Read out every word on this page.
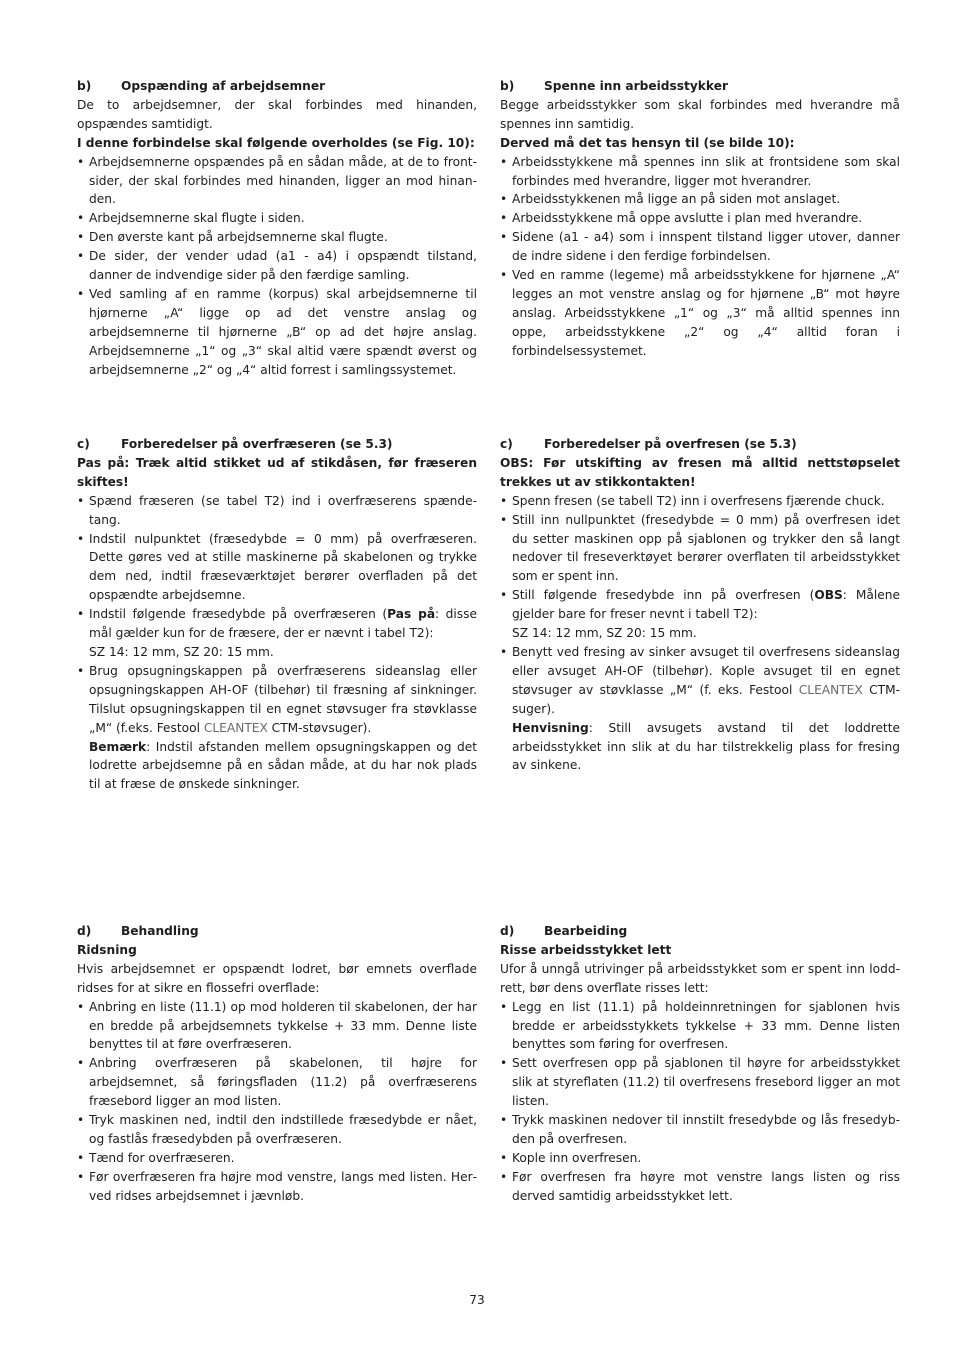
b)	Opspænding af arbejdsemner

De to arbejdsemner, der skal forbindes med hinanden, opspændes samtidigt.

I denne forbindelse skal følgende overholdes (se Fig. 10):

• Arbejdsemnerne opspændes på en sådan måde, at de to frontsider, der skal forbindes med hinanden, ligger an mod hinanden.
• Arbejdsemnerne skal flugte i siden.
• Den øverste kant på arbejdsemnerne skal flugte.
• De sider, der vender udad (a1 - a4) i opspændt tilstand, danner de indvendige sider på den færdige samling.
• Ved samling af en ramme (korpus) skal arbejdsemnerne til hjørnerne „A“ ligge op ad det venstre anslag og arbejdsemnerne til hjørnerne „B“ op ad det højre anslag. Arbejdsemnerne „1“ og „3“ skal altid være spændt øverst og arbejdsemnerne „2“ og „4“ altid forrest i samlingssystemet.
c)	Forberedelser på overfræseren (se 5.3)

Pas på: Træk altid stikket ud af stikdåsen, før fræseren skiftes!

• Spænd fræseren (se tabel T2) ind i overfræserens spændetang.
• Indstil nulpunktet (fræsedybde = 0 mm) på overfræseren. Dette gøres ved at stille maskinerne på skabelonen og trykke dem ned, indtil fræseværktøjet berører overfladen på det opspændte arbejdsemne.
• Indstil følgende fræsedybde på overfræseren (Pas på: disse mål gælder kun for de fræsere, der er nævnt i tabel T2):
SZ 14: 12 mm, SZ 20: 15 mm.
• Brug opsugningskappen på overfræserens sideanslag eller opsugningskappen AH-OF (tilbehør) til fræsning af sinkninger. Tilslut opsugningskappen til en egnet støvsuger fra støvklasse „M“ (f.eks. Festool CLEANTEX CTM-støvsuger).
Bemærk: Indstil afstanden mellem opsugningskappen og det lodrette arbejdsemne på en sådan måde, at du har nok plads til at fræse de ønskede sinkninger.
d)	Behandling

Ridsning

Hvis arbejdsemnet er opspændt lodret, bør emnets overflade ridses for at sikre en flossefri overflade:

• Anbring en liste (11.1) op mod holderen til skabelonen, der har en bredde på arbejdsemnets tykkelse + 33 mm. Denne liste benyttes til at føre overfræseren.
• Anbring overfræseren på skabelonen, til højre for arbejdsemnet, så føringsfladen (11.2) på overfræserens fræsebord ligger an mod listen.
• Tryk maskinen ned, indtil den indstillede fræsedybde er nået, og fastlås fræsedybden på overfræseren.
• Tænd for overfræseren.
• Før overfræseren fra højre mod venstre, langs med listen. Herved ridses arbejdsemnet i jævnløb.
b)	Spenne inn arbeidsstykker

Begge arbeidsstykker som skal forbindes med hverandre må spennes inn samtidig.

Derved må det tas hensyn til (se bilde 10):

• Arbeidsstykkene må spennes inn slik at frontsidene som skal forbindes med hverandre, ligger mot hverandrer.
• Arbeidsstykkenen må ligge an på siden mot anslaget.
• Arbeidsstykkene må oppe avslutte i plan med hverandre.
• Sidene (a1 - a4) som i innspent tilstand ligger utover, danner de indre sidene i den ferdige forbindelsen.
• Ved en ramme (legeme) må arbeidsstykkene for hjørnene „A“ legges an mot venstre anslag og for hjørnene „B“ mot høyre anslag. Arbeidsstykkene „1“ og „3“ må alltid spennes inn oppe, arbeidsstykkene „2“ og „4“ alltid foran i forbindelsessystemet.
c)	Forberedelser på overfresen (se 5.3)

OBS: Før utskifting av fresen må alltid nettstøpselet trekkes ut av stikkontakten!

• Spenn fresen (se tabell T2) inn i overfresens fjærende chuck.
• Still inn nullpunktet (fresedybde = 0 mm) på overfresen idet du setter maskinen opp på sjablonen og trykker den så langt nedover til freseverktøyet berører overflaten til arbeidsstykket som er spent inn.
• Still følgende fresedybde inn på overfresen (OBS: Målene gjelder bare for freser nevnt i tabell T2):
SZ 14: 12 mm, SZ 20: 15 mm.
• Benytt ved fresing av sinker avsuget til overfresens sideanslag eller avsuget AH-OF (tilbehør). Kople avsuget til en egnet støvsuger av støvklasse „M“ (f. eks. Festool CLEANTEX CTM-suger).
Henvisning: Still avsugets avstand til det loddrette arbeidsstykket inn slik at du har tilstrekkelig plass for fresing av sinkene.
d)	Bearbeiding

Risse arbeidsstykket lett

Ufor å unngå utrivinger på arbeidsstykket som er spent inn loddrett, bør dens overflate risses lett:

• Legg en list (11.1) på holdeinnretningen for sjablonen hvis bredde er arbeidsstykkets tykkelse + 33 mm. Denne listen benyttes som føring for overfresen.
• Sett overfresen opp på sjablonen til høyre for arbeidsstykket slik at styreflaten (11.2) til overfresens fresebord ligger an mot listen.
• Trykk maskinen nedover til innstilt fresedybde og lås fresedybden på overfresen.
• Kople inn overfresen.
• Før overfresen fra høyre mot venstre langs listen og riss derved samtidig arbeidsstykket lett.
73
